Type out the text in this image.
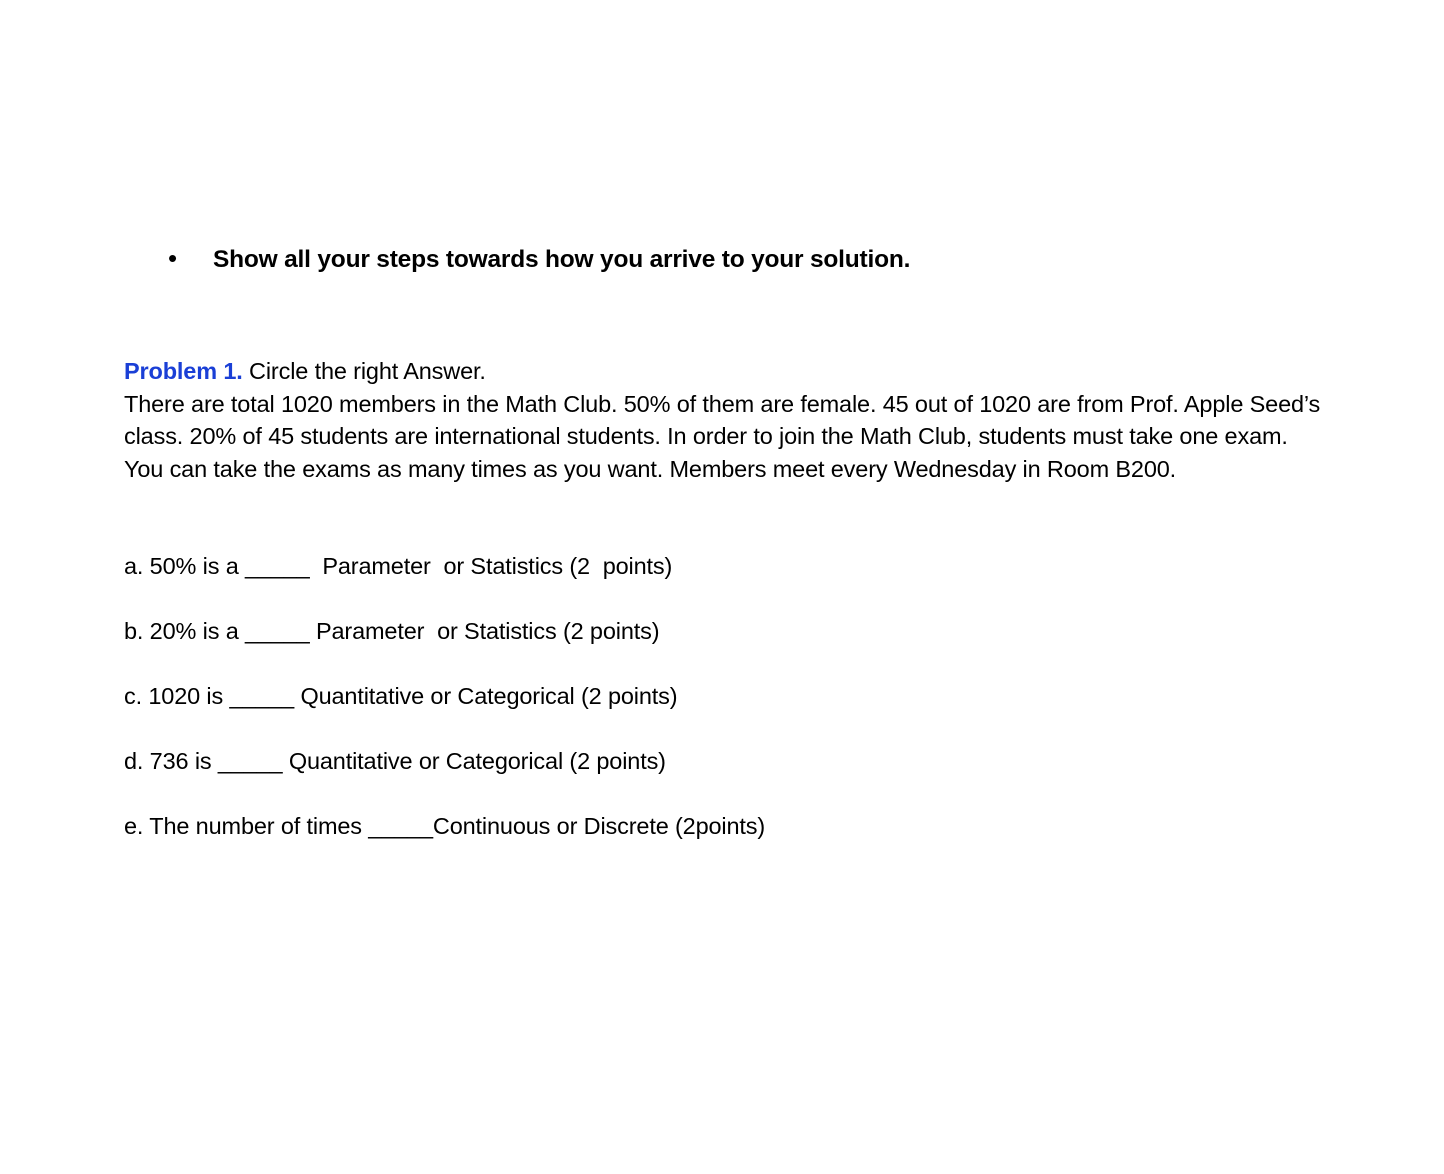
•	Show all your steps towards how you arrive to your solution.

Problem 1. Circle the right Answer.

There are total 1020 members in the Math Club. 50% of them are female. 45 out of 1020 are from Prof. Apple Seed’s class. 20% of 45 students are international students. In order to join the Math Club, students must take one exam. You can take the exams as many times as you want. Members meet every Wednesday in Room B200.

a. 50% is a _____  Parameter  or Statistics (2  points)
b. 20% is a _____ Parameter  or Statistics (2 points)
c. 1020 is _____ Quantitative or Categorical (2 points)
d. 736 is _____ Quantitative or Categorical (2 points)
e. The number of times _____Continuous or Discrete (2points)
